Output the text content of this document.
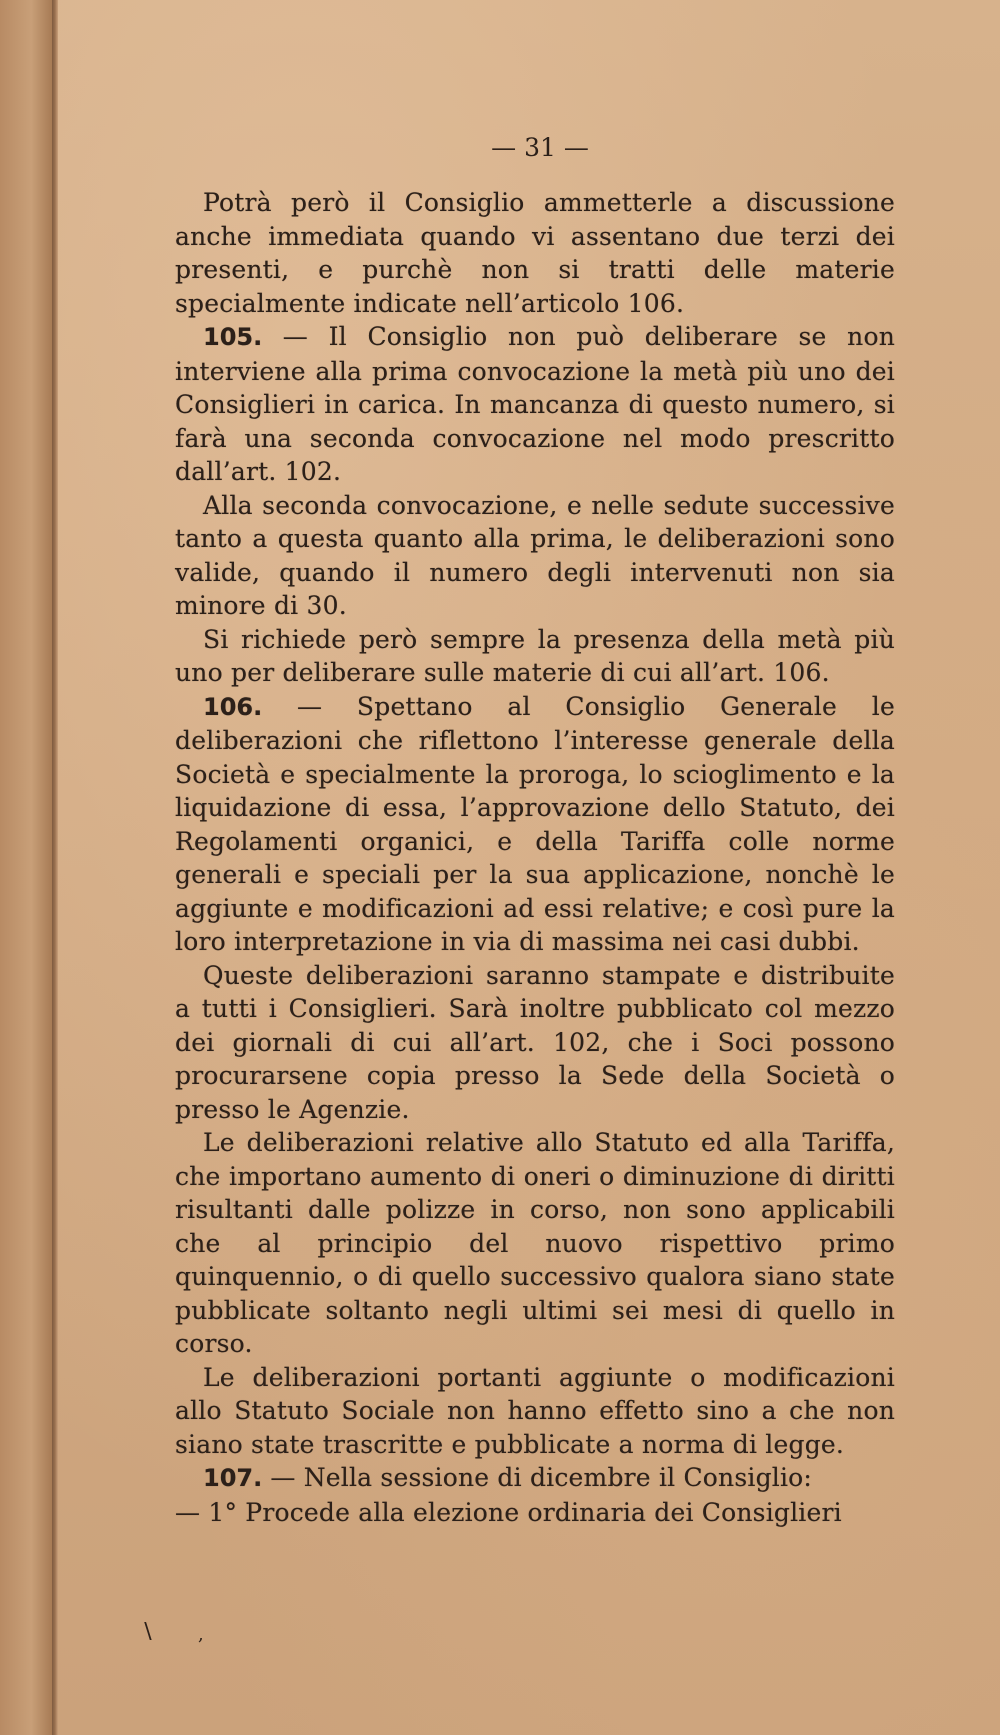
— 31 —

Potrà però il Consiglio ammetterle a discussione anche immediata quando vi assentano due terzi dei presenti, e purchè non si tratti delle materie specialmente indicate nell’articolo 106.

105. — Il Consiglio non può deliberare se non interviene alla prima convocazione la metà più uno dei Consiglieri in carica. In mancanza di questo numero, si farà una seconda convocazione nel modo prescritto dall’art. 102.

Alla seconda convocazione, e nelle sedute successive tanto a questa quanto alla prima, le deliberazioni sono valide, quando il numero degli intervenuti non sia minore di 30.

Si richiede però sempre la presenza della metà più uno per deliberare sulle materie di cui all’art. 106.

106. — Spettano al Consiglio Generale le deliberazioni che riflettono l’interesse generale della Società e specialmente la proroga, lo scioglimento e la liquidazione di essa, l’approvazione dello Statuto, dei Regolamenti organici, e della Tariffa colle norme generali e speciali per la sua applicazione, nonchè le aggiunte e modificazioni ad essi relative; e così pure la loro interpretazione in via di massima nei casi dubbi.

Queste deliberazioni saranno stampate e distribuite a tutti i Consiglieri. Sarà inoltre pubblicato col mezzo dei giornali di cui all’art. 102, che i Soci possono procurarsene copia presso la Sede della Società o presso le Agenzie.

Le deliberazioni relative allo Statuto ed alla Tariffa, che importano aumento di oneri o diminuzione di diritti risultanti dalle polizze in corso, non sono applicabili che al principio del nuovo rispettivo primo quinquennio, o di quello successivo qualora siano state pubblicate soltanto negli ultimi sei mesi di quello in corso.

Le deliberazioni portanti aggiunte o modificazioni allo Statuto Sociale non hanno effetto sino a che non siano state trascritte e pubblicate a norma di legge.

107. — Nella sessione di dicembre il Consiglio:

— 1° Procede alla elezione ordinaria dei Consiglieri

∖ ,
